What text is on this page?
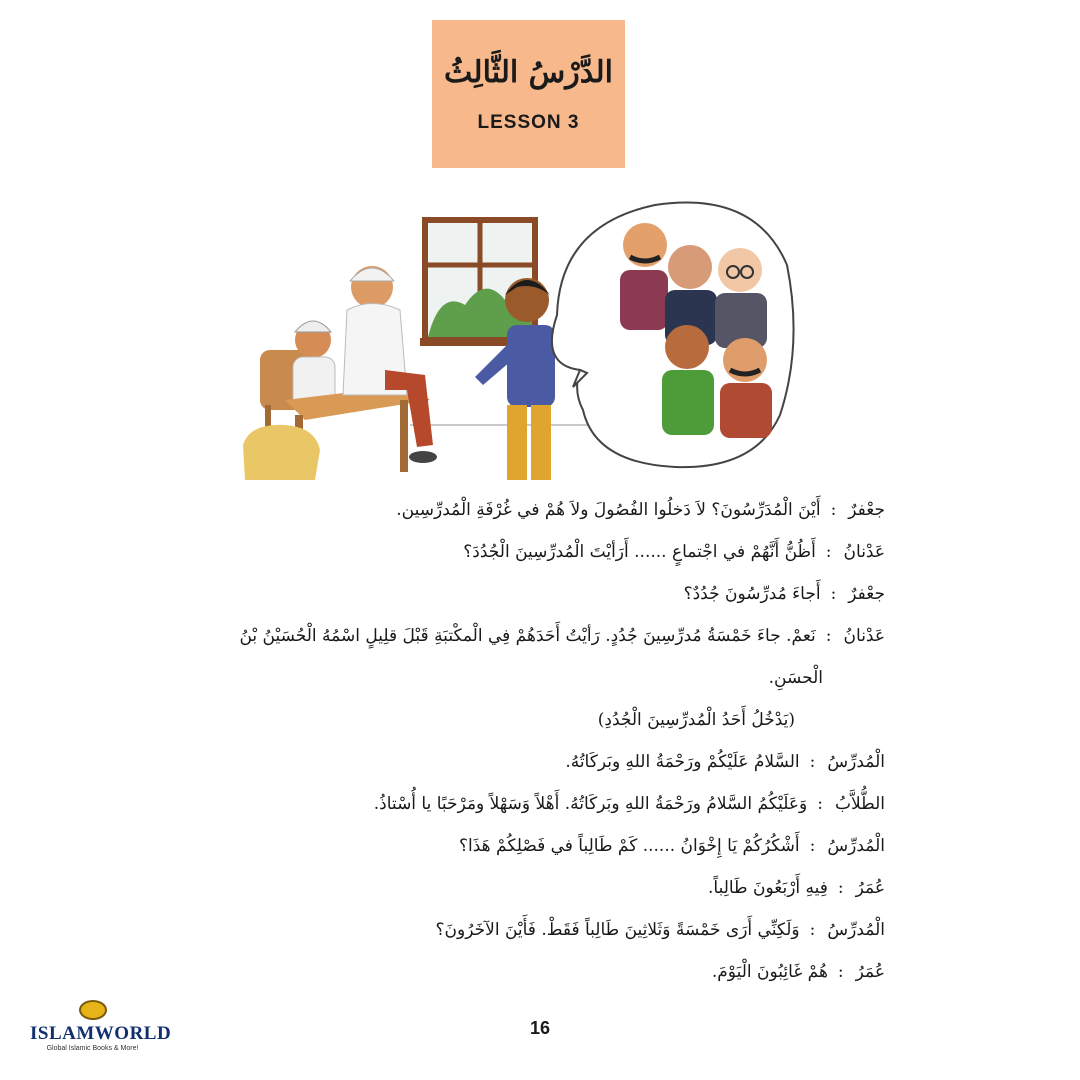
الدَّرْسُ الثَّالِثُ
LESSON 3
جعْفرٌ
:
أَيْنَ الْمُدَرِّسُونَ؟ لاَ دَخلُوا الفُصُولَ ولاَ هُمْ في غُرْفَةِ الْمُدرِّسِين.
عَدْنانُ
:
أَظُنُّ أَنَّهُمْ في اجْتماعٍ ...... أَرَأيْتَ الْمُدرِّسِينَ الْجُدُدَ؟
جعْفرٌ
:
أَجاءَ مُدرِّسُونَ جُدُدٌ؟
عَدْنانُ
:
نَعمْ. جاءَ خَمْسَةُ مُدرِّسِينَ جُدُدٍ. رَأيْتُ أَحَدَهُمْ فِي الْمكْتبَةِ قَبْلَ قلِيلٍ اسْمُهُ الْحُسَيْنُ بْنُ
الْحسَنِ.
(يَدْخُلُ أَحَدُ الْمُدرِّسِينَ الْجُدُدِ)
الْمُدرِّسُ
:
السَّلامُ عَلَيْكُمْ ورَحْمَةُ اللهِ وبَركَاتُهُ.
الطُّلاَّبُ
:
وَعَلَيْكُمُ السَّلامُ ورَحْمَةُ اللهِ وبَركَاتُهُ. أَهْلاً وَسَهْلاً ومَرْحَبًا يا أُسْتاذُ.
الْمُدرِّسُ
:
أَشْكُرُكُمْ يَا إِخْوَانُ ...... كَمْ طَالِباً في فَصْلِكُمْ هَذَا؟
عُمَرُ
:
فِيهِ أَرْبَعُونَ طَالِباً.
الْمُدرِّسُ
:
وَلَكِنِّي أَرَى خَمْسَةً وَثَلاثِينَ طَالِباً فَقَطْ. فَأَيْنَ الآخَرُونَ؟
عُمَرُ
:
هُمْ غَائِبُونَ الْيَوْمَ.
16
ISLAMWORLD
Global Islamic Books & More!
